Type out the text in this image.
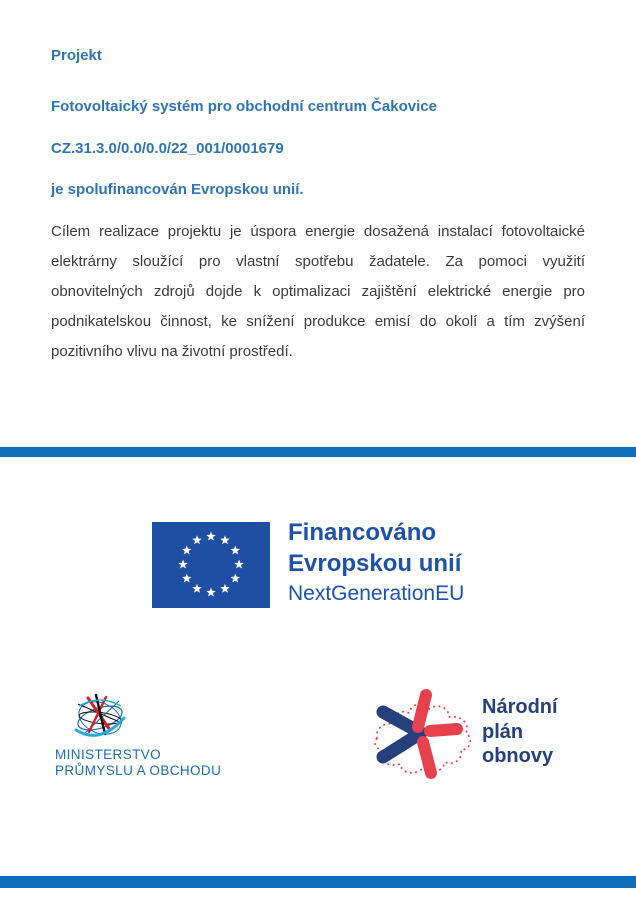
Projekt
Fotovoltaický systém pro obchodní centrum Čakovice
CZ.31.3.0/0.0/0.0/22_001/0001679
je spolufinancován Evropskou unií.
Cílem realizace projektu je úspora energie dosažená instalací fotovoltaické elektrárny sloužící pro vlastní spotřebu žadatele. Za pomoci využití obnovitelných zdrojů dojde k optimalizaci zajištění elektrické energie pro podnikatelskou činnost, ke snížení produkce emisí do okolí a tím zvýšení pozitivního vlivu na životní prostředí.
Financováno
Evropskou unií
NextGenerationEU
MINISTERSTVO
PRŮMYSLU A OBCHODU
Národní
plán
obnovy
